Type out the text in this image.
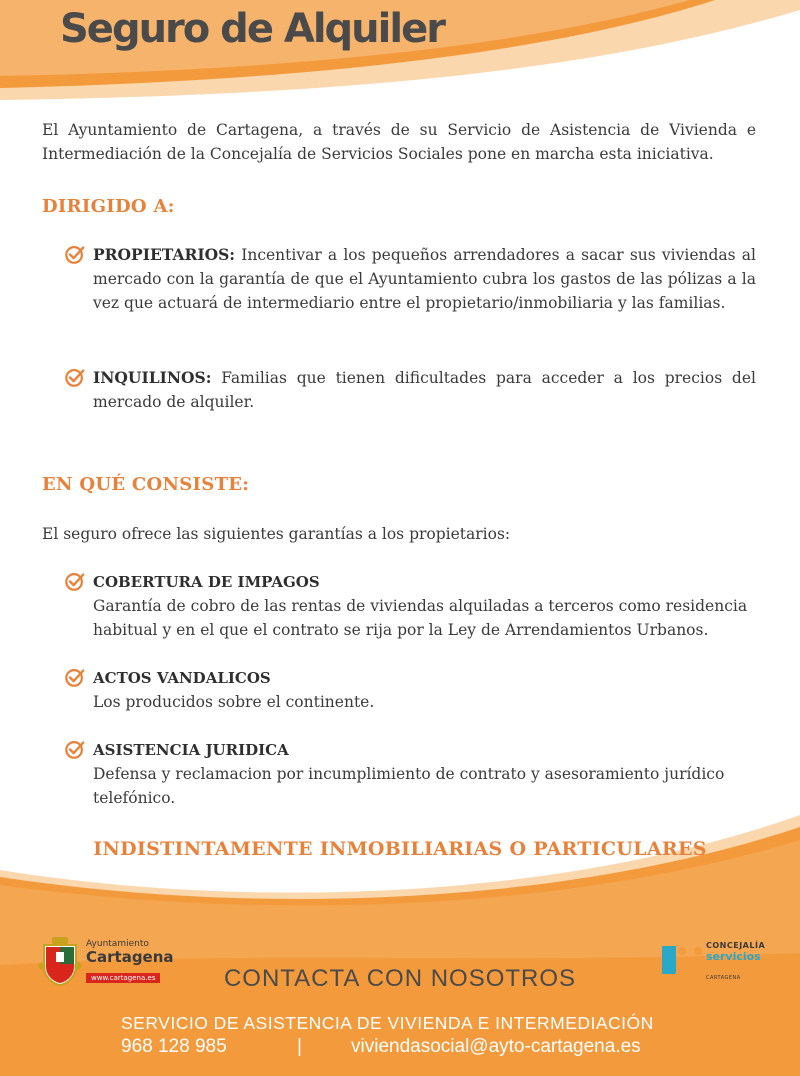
Seguro de Alquiler

El Ayuntamiento de Cartagena, a través de su Servicio de Asistencia de Vivienda e Intermediación de la Concejalía de Servicios Sociales pone en marcha esta iniciativa.

DIRIGIDO A:
PROPIETARIOS: Incentivar a los pequeños arrendadores a sacar sus viviendas al mercado con la garantía de que el Ayuntamiento cubra los gastos de las pólizas a la vez que actuará de intermediario entre el propietario/inmobiliaria y las familias.
INQUILINOS: Familias que tienen dificultades para acceder a los precios del mercado de alquiler.
EN QUÉ CONSISTE:

El seguro ofrece las siguientes garantías a los propietarios:

COBERTURA DE IMPAGOS
Garantía de cobro de las rentas de viviendas alquiladas a terceros como residencia habitual y en el que el contrato se rija por la Ley de Arrendamientos Urbanos.
ACTOS VANDALICOS
Los producidos sobre el continente.
ASISTENCIA JURIDICA
Defensa y reclamacion por incumplimiento de contrato y asesoramiento jurídico telefónico.

INDISTINTAMENTE INMOBILIARIAS O PARTICULARES

Ayuntamiento
Cartagena
www.cartagena.es
CONCEJALÍA
servicios
sociales
CARTAGENA

CONTACTA CON NOSOTROS

SERVICIO DE ASISTENCIA DE VIVIENDA E INTERMEDIACIÓN

968 128 985	|	viviendasocial@ayto-cartagena.es
